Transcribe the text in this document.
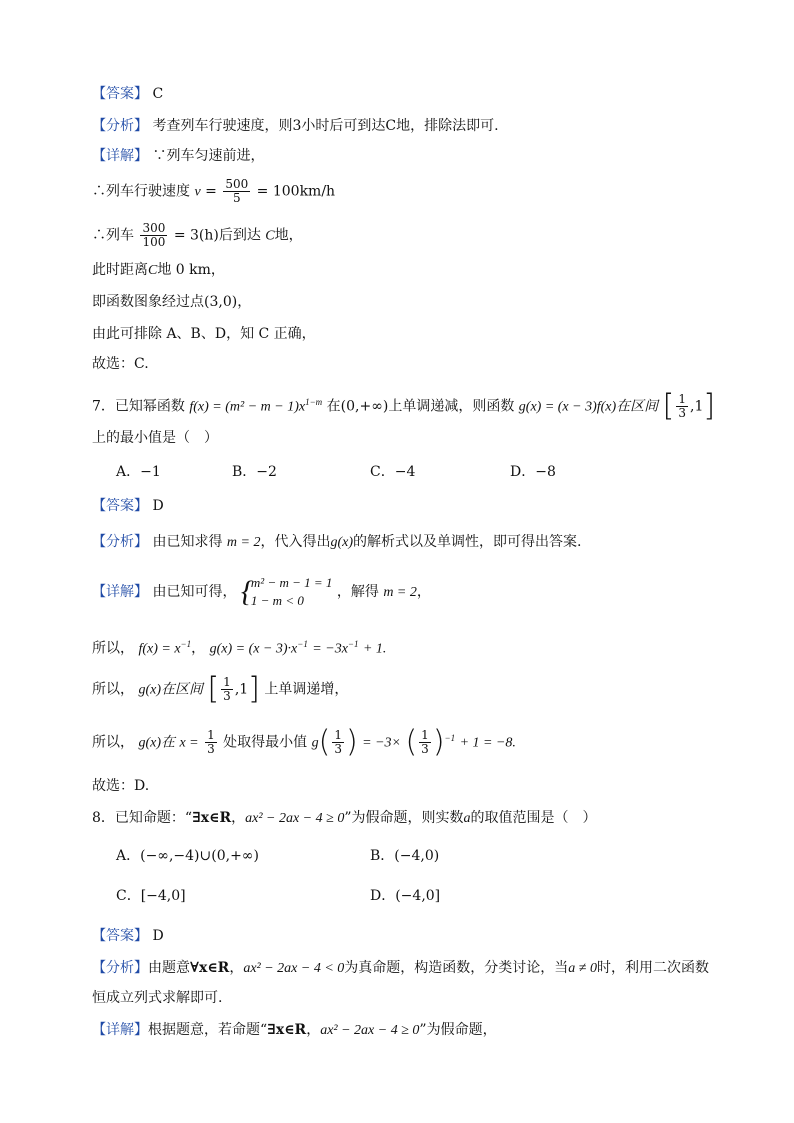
【答案】 C
【分析】 考查列车行驶速度，则3小时后可到达C地，排除法即可.
【详解】 ∵列车匀速前进，
∴列车行驶速度 $v = \frac{500}{5} = 100km/h$
∴列车 $\frac{300}{100} = 3(h)$后到达 C地，
此时距离C地 0 km，
即函数图象经过点(3,0)，
由此可排除 A、B、D，知 C 正确，
故选：C.
7．已知幂函数 $f(x) = (m^2 - m - 1)x^{1-m}$ 在(0,+∞)上单调递减，则函数 g(x) = (x − 3)f(x)在区间 [ $\frac{1}{3} ,1$]
上的最小值是（　）
A．−1	B．−2	C．−4	D．−8
【答案】 D
【分析】 由已知求得 m = 2，代入得出g(x)的解析式以及单调性，即可得出答案.
【详解】 由已知可得， {
m² − m − 1 = 1
1 − m < 0
，解得 m = 2，
所以， $f(x) = x^{-1}$， $g(x) = (x - 3)\cdot x^{-1} = -3x^{-1} + 1$.
所以， g(x)在区间 [ $\frac{1}{3} ,1$] 上单调递增，
所以， g(x)在 $x = \frac{1}{3}$ 处取得最小值 $g( \frac{1}{3}$ ) = −3× ( $\frac{1}{3} )^{-1} + 1 = -8$.
故选：D.
8．已知命题：“∃x∈R，ax² − 2ax − 4 ≥ 0”为假命题，则实数a的取值范围是（　）
A．(−∞,−4)∪(0,+∞)	B．(−4,0)
C．[−4,0]	D．(−4,0]
【答案】 D
【分析】由题意∀x∈R，ax² − 2ax − 4 < 0为真命题，构造函数，分类讨论，当a ≠ 0时，利用二次函数
恒成立列式求解即可.
【详解】根据题意，若命题“∃x∈R，ax² − 2ax − 4 ≥ 0”为假命题，
